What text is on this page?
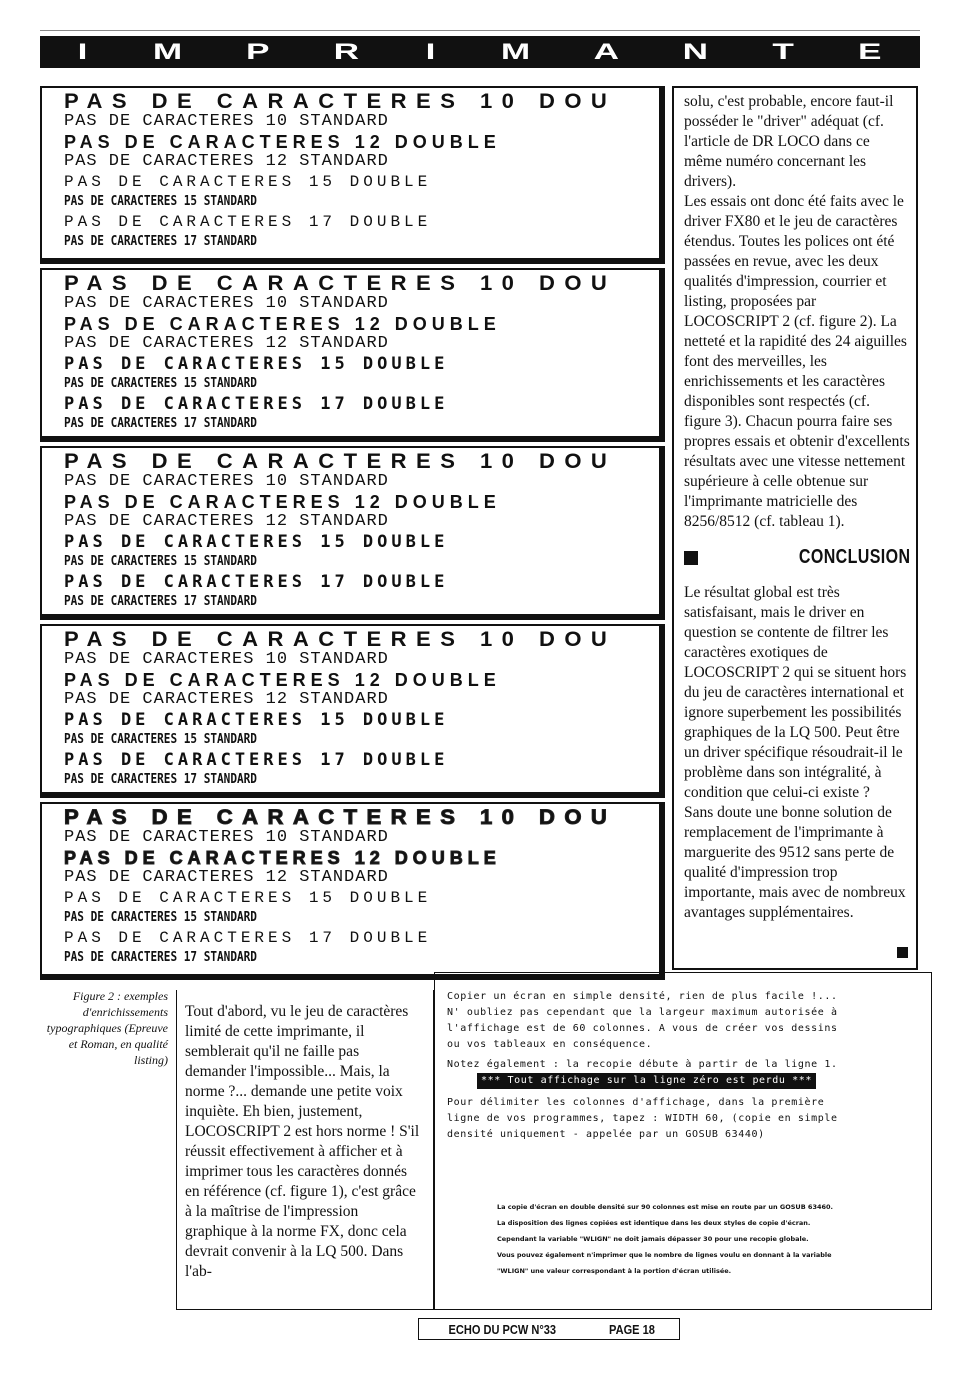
I	M	P	R	I	M	A	N	T	E
PAS DE CARACTERES 10 DOU
PAS DE CARACTERES 10 STANDARD
PAS DE CARACTERES 12 DOUBLE
PAS DE CARACTERES 12 STANDARD
PAS DE CARACTERES 15 DOUBLE
PAS DE CARACTERES 15 STANDARD
PAS DE CARACTERES 17 DOUBLE
PAS DE CARACTERES 17 STANDARD
PAS DE CARACTERES 10 DOU
PAS DE CARACTERES 10 STANDARD
PAS DE CARACTERES 12 DOUBLE
PAS DE CARACTERES 12 STANDARD
PAS DE CARACTERES 15 DOUBLE
PAS DE CARACTERES 15 STANDARD
PAS DE CARACTERES 17 DOUBLE
PAS DE CARACTERES 17 STANDARD
PAS DE CARACTERES 10 DOU
PAS DE CARACTERES 10 STANDARD
PAS DE CARACTERES 12 DOUBLE
PAS DE CARACTERES 12 STANDARD
PAS DE CARACTERES 15 DOUBLE
PAS DE CARACTERES 15 STANDARD
PAS DE CARACTERES 17 DOUBLE
PAS DE CARACTERES 17 STANDARD
PAS DE CARACTERES 10 DOU
PAS DE CARACTERES 10 STANDARD
PAS DE CARACTERES 12 DOUBLE
PAS DE CARACTERES 12 STANDARD
PAS DE CARACTERES 15 DOUBLE
PAS DE CARACTERES 15 STANDARD
PAS DE CARACTERES 17 DOUBLE
PAS DE CARACTERES 17 STANDARD
PAS DE CARACTERES 10 DOU
PAS DE CARACTERES 10 STANDARD
PAS DE CARACTERES 12 DOUBLE
PAS DE CARACTERES 12 STANDARD
PAS DE CARACTERES 15 DOUBLE
PAS DE CARACTERES 15 STANDARD
PAS DE CARACTERES 17 DOUBLE
PAS DE CARACTERES 17 STANDARD

solu, c'est probable, encore faut-il posséder le "driver" adéquat (cf. l'article de DR LOCO dans ce même numéro concernant les drivers).

Les essais ont donc été faits avec le driver FX80 et le jeu de caractères étendus. Toutes les polices ont été passées en revue, avec les deux qualités d'impression, courrier et listing, proposées par LOCOSCRIPT 2 (cf. figure 2). La netteté et la rapidité des 24 aiguilles font des merveilles, les enrichissements et les caractères disponibles sont respectés (cf. figure 3). Chacun pourra faire ses propres essais et obtenir d'excellents résultats avec une vitesse nettement supérieure à celle obtenue sur l'imprimante matricielle des 8256/8512 (cf. tableau 1).

CONCLUSION

Le résultat global est très satisfaisant, mais le driver en question se contente de filtrer les caractères exotiques de LOCOSCRIPT 2 qui se situent hors du jeu de caractères international et ignore superbement les possibilités graphiques de la LQ 500. Peut être un driver spécifique résoudrait-il le problème dans son intégralité, à condition que celui-ci existe ?

Sans doute une bonne solution de remplacement de l'imprimante à marguerite des 9512 sans perte de qualité d'impression trop importante, mais avec de nombreux avantages supplémentaires.

Figure 2 : exemples d'enrichissements typographiques (Epreuve et Roman, en qualité listing)

Tout d'abord, vu le jeu de caractères limité de cette imprimante, il semblerait qu'il ne faille pas demander l'impossible... Mais, la norme ?... demande une petite voix inquiète. Eh bien, justement, LOCOSCRIPT 2 est hors norme ! S'il réussit effectivement à afficher et à imprimer tous les caractères donnés en référence (cf. figure 1), c'est grâce à la maîtrise de l'impression graphique à la norme FX, donc cela devrait convenir à la LQ 500. Dans l'ab-

Copier un écran en simple densité, rien de plus facile !...
N' oubliez pas cependant que la largeur maximum autorisée à
l'affichage est de 60 colonnes. A vous de créer vos dessins
ou vos tableaux en conséquence.
Notez également : la recopie débute à partir de la ligne 1.
*** Tout affichage sur la ligne zéro est perdu ***
Pour délimiter les colonnes d'affichage, dans la première
ligne de vos programmes, tapez : WIDTH 60, (copie en simple
densité uniquement - appelée par un GOSUB 63440)
La copie d'écran en double densité sur 90 colonnes est mise en route par un GOSUB 63460.
La disposition des lignes copiées est identique dans les deux styles de copie d'écran.
Cependant la variable "WLIGN" ne doit jamais dépasser 30 pour une recopie globale.
Vous pouvez également n'imprimer que le nombre de lignes voulu en donnant à la variable
"WLIGN" une valeur correspondant à la portion d'écran utilisée.
ECHO DU PCW N°33	PAGE 18
